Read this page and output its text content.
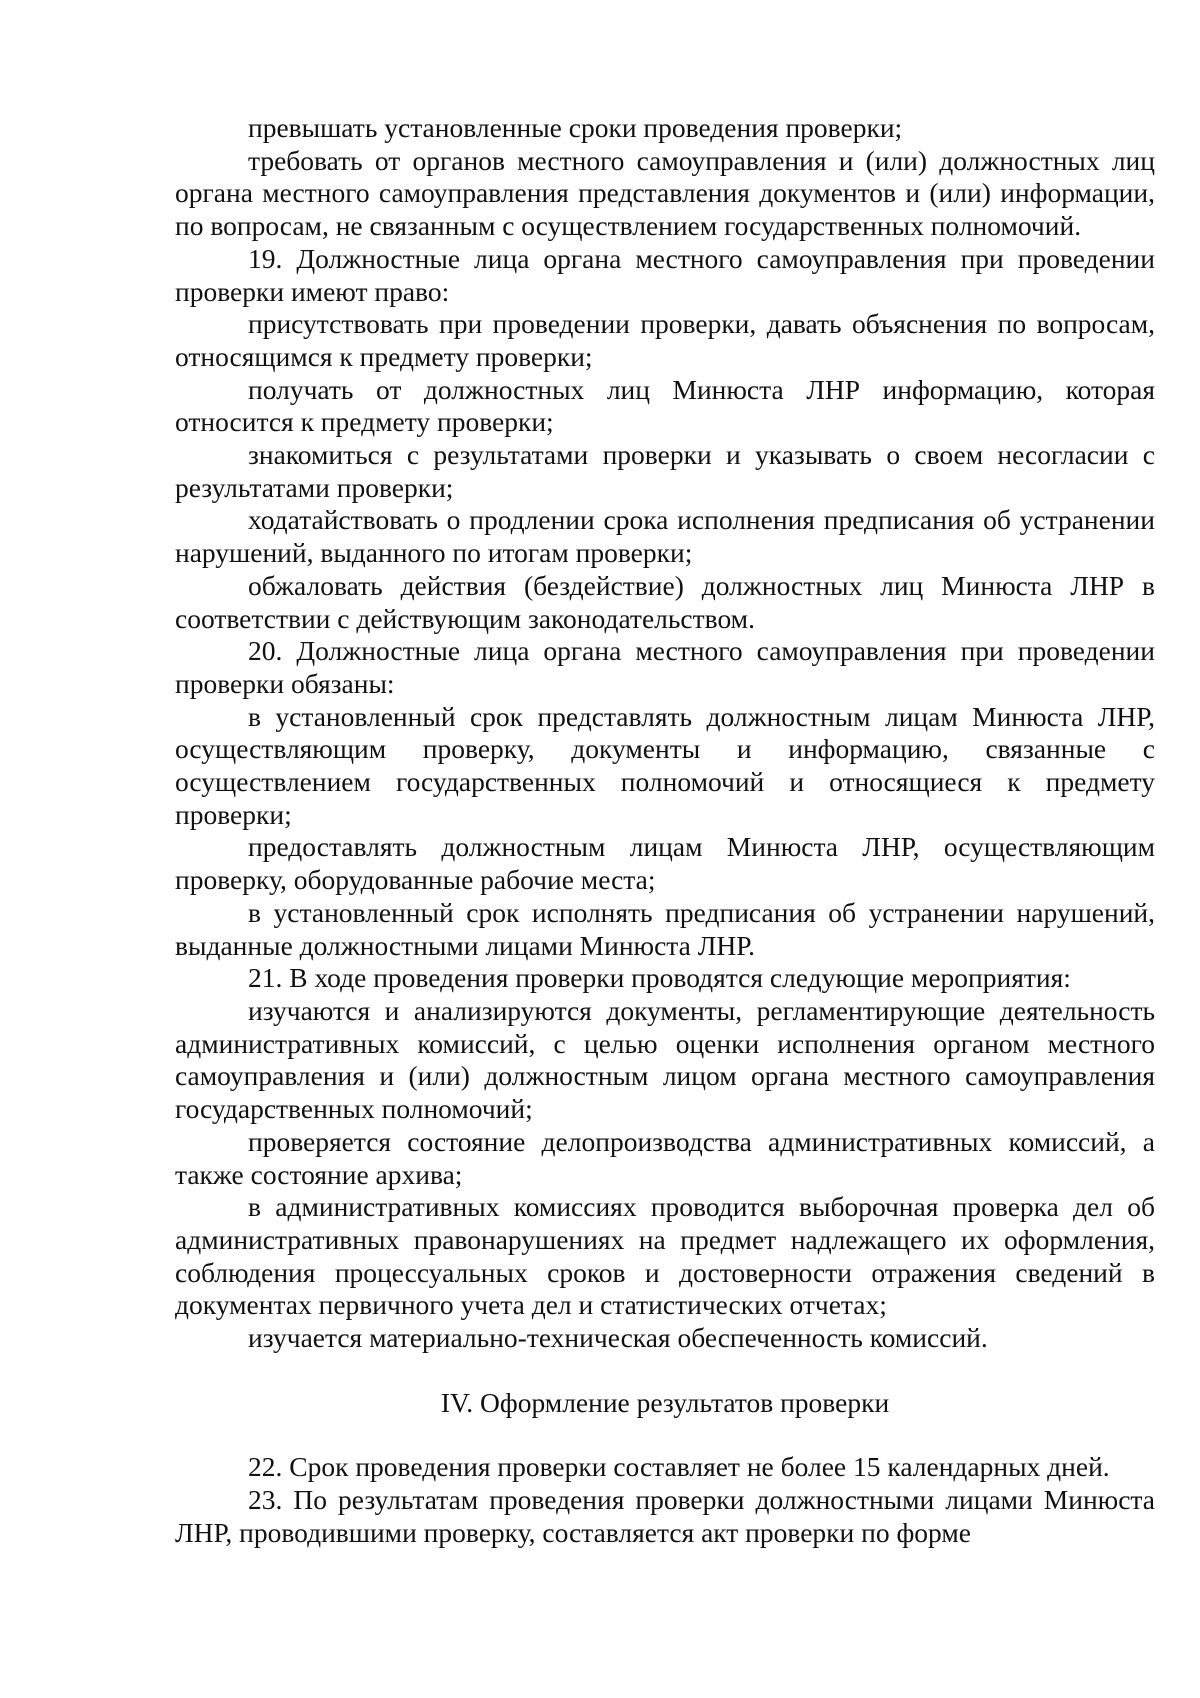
превышать установленные сроки проведения проверки;

требовать от органов местного самоуправления и (или) должностных лиц органа местного самоуправления представления документов и (или) информации, по вопросам, не связанным с осуществлением государственных полномочий.

19. Должностные лица органа местного самоуправления при проведении проверки имеют право:

присутствовать при проведении проверки, давать объяснения по вопросам, относящимся к предмету проверки;

получать от должностных лиц Минюста ЛНР информацию, которая относится к предмету проверки;

знакомиться с результатами проверки и указывать о своем несогласии с результатами проверки;

ходатайствовать о продлении срока исполнения предписания об устранении нарушений, выданного по итогам проверки;

обжаловать действия (бездействие) должностных лиц Минюста ЛНР в соответствии с действующим законодательством.

20. Должностные лица органа местного самоуправления при проведении проверки обязаны:

в установленный срок представлять должностным лицам Минюста ЛНР, осуществляющим проверку, документы и информацию, связанные с осуществлением государственных полномочий и относящиеся к предмету проверки;

предоставлять должностным лицам Минюста ЛНР, осуществляющим проверку, оборудованные рабочие места;

в установленный срок исполнять предписания об устранении нарушений, выданные должностными лицами Минюста ЛНР.

21. В ходе проведения проверки проводятся следующие мероприятия:

изучаются и анализируются документы, регламентирующие деятельность административных комиссий, с целью оценки исполнения органом местного самоуправления и (или) должностным лицом органа местного самоуправления государственных полномочий;

проверяется состояние делопроизводства административных комиссий, а также состояние архива;

в административных комиссиях проводится выборочная проверка дел об административных правонарушениях на предмет надлежащего их оформления, соблюдения процессуальных сроков и достоверности отражения сведений в документах первичного учета дел и статистических отчетах;

изучается материально-техническая обеспеченность комиссий.

IV. Оформление результатов проверки

22. Срок проведения проверки составляет не более 15 календарных дней.

23. По результатам проведения проверки должностными лицами Минюста ЛНР, проводившими проверку, составляется акт проверки по форме
